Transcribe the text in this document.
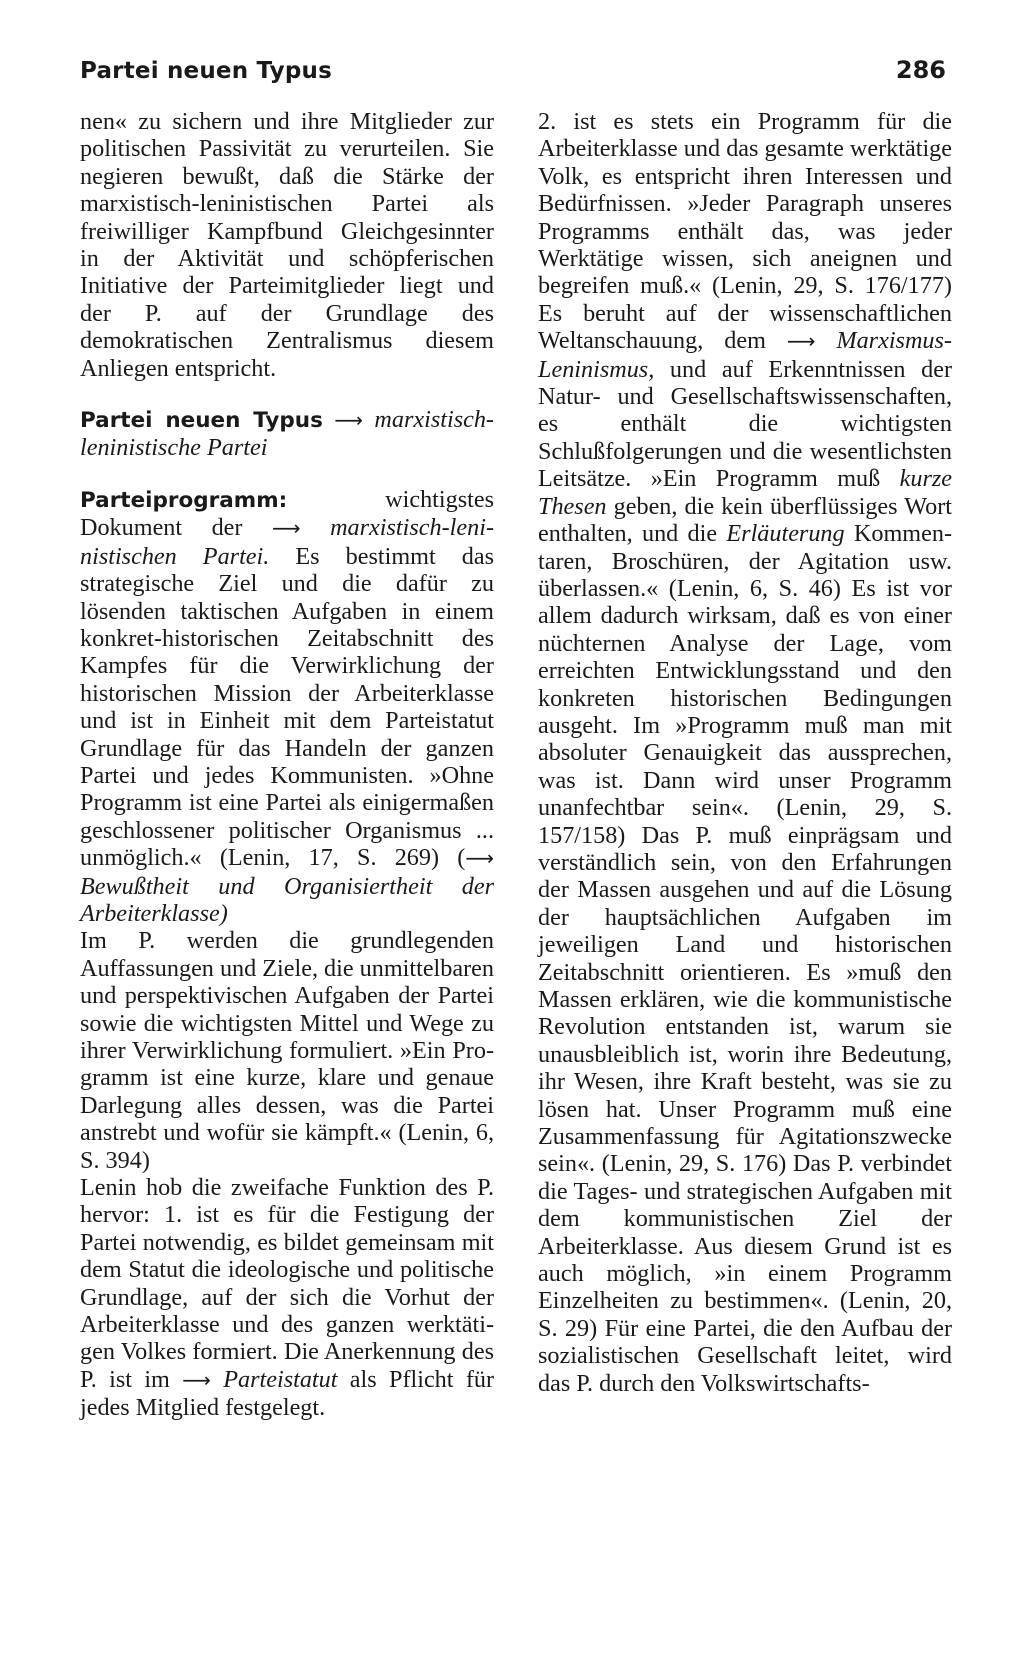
Partei neuen Typus	286

nen« zu sichern und ihre Mitglieder zur politischen Passivität zu verurteilen. Sie negieren bewußt, daß die Stärke der marxistisch-leninistischen Partei als freiwilliger Kampfbund Gleichgesinnter in der Aktivität und schöpferischen Initiative der Parteimitglieder liegt und der P. auf der Grundlage des demokratischen Zentralismus diesem Anliegen entspricht.

Partei neuen Typus ⟶ marxistisch-leninistische Partei

Parteiprogramm:	wichtigstes Dokument der ⟶ marxistisch-leninistischen Partei. Es bestimmt das strategische Ziel und die dafür zu lösenden taktischen Aufgaben in einem konkret-historischen Zeitabschnitt des Kampfes für die Verwirklichung der historischen Mission der Arbeiterklasse und ist in Einheit mit dem Parteistatut Grundlage für das Handeln der ganzen Partei und jedes Kommunisten. »Ohne Programm ist eine Partei als einigermaßen geschlossener politischer Organismus ... unmöglich.« (Lenin, 17, S. 269) (⟶ Bewußtheit und Organisiertheit der Arbeiterklasse)

Im P. werden die grundlegenden Auffassungen und Ziele, die unmittelbaren und perspektivischen Aufgaben der Partei sowie die wichtigsten Mittel und Wege zu ihrer Verwirklichung formuliert. »Ein Programm ist eine kurze, klare und genaue Darlegung alles dessen, was die Partei anstrebt und wofür sie kämpft.« (Lenin, 6, S. 394)

Lenin hob die zweifache Funktion des P. hervor: 1. ist es für die Festigung der Partei notwendig, es bildet gemeinsam mit dem Statut die ideologische und politische Grundlage, auf der sich die Vorhut der Arbeiterklasse und des ganzen werktätigen Volkes formiert. Die Anerkennung des P. ist im ⟶ Parteistatut als Pflicht für jedes Mitglied festgelegt.

2. ist es stets ein Programm für die Arbeiterklasse und das gesamte werktätige Volk, es entspricht ihren Interessen und Bedürfnissen. »Jeder Paragraph unseres Programms enthält das, was jeder Werktätige wissen, sich aneignen und begreifen muß.« (Lenin, 29, S. 176/177) Es beruht auf der wissenschaftlichen Weltanschauung, dem ⟶ Marxismus-Leninismus, und auf Erkenntnissen der Natur- und Gesellschaftswissenschaften, es enthält die wichtigsten Schlußfolgerungen und die wesentlichsten Leitsätze. »Ein Programm muß kurze Thesen geben, die kein überflüssiges Wort enthalten, und die Erläuterung Kommentaren, Broschüren, der Agitation usw. überlassen.« (Lenin, 6, S. 46) Es ist vor allem dadurch wirksam, daß es von einer nüchternen Analyse der Lage, vom erreichten Entwicklungsstand und den konkreten historischen Bedingungen ausgeht. Im »Programm muß man mit absoluter Genauigkeit das aussprechen, was ist. Dann wird unser Programm unanfechtbar sein«. (Lenin, 29, S. 157/158) Das P. muß einprägsam und verständlich sein, von den Erfahrungen der Massen ausgehen und auf die Lösung der hauptsächlichen Aufgaben im jeweiligen Land und historischen Zeitabschnitt orientieren. Es »muß den Massen erklären, wie die kommunistische Revolution entstanden ist, warum sie unausbleiblich ist, worin ihre Bedeutung, ihr Wesen, ihre Kraft besteht, was sie zu lösen hat. Unser Programm muß eine Zusammenfassung für Agitationszwecke sein«. (Lenin, 29, S. 176) Das P. verbindet die Tages- und strategischen Aufgaben mit dem kommunistischen Ziel der Arbeiterklasse. Aus diesem Grund ist es auch möglich, »in einem Programm Einzelheiten zu bestimmen«. (Lenin, 20, S. 29) Für eine Partei, die den Aufbau der sozialistischen Gesellschaft leitet, wird das P. durch den Volkswirtschafts-
